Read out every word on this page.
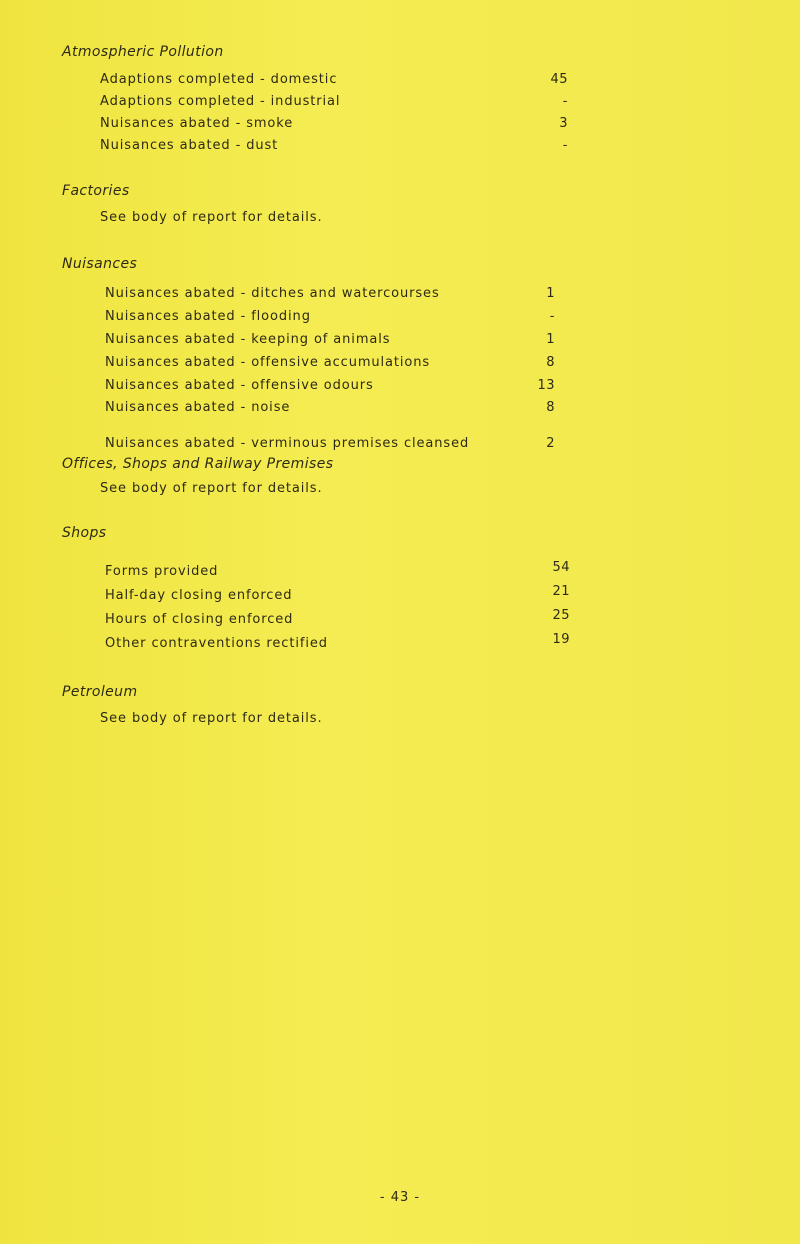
Atmospheric Pollution
Adaptions completed - domestic	45
Adaptions completed - industrial	-
Nuisances abated - smoke	3
Nuisances abated - dust	-
Factories
See body of report for details.
Nuisances
Nuisances abated - ditches and watercourses	1
Nuisances abated - flooding	-
Nuisances abated - keeping of animals	1
Nuisances abated - offensive accumulations	8
Nuisances abated - offensive odours	13
Nuisances abated - noise	8
Nuisances abated - verminous premises cleansed	2
Offices, Shops and Railway Premises
See body of report for details.
Shops
Forms provided	54
Half-day closing enforced	21
Hours of closing enforced	25
Other contraventions rectified	19
Petroleum
See body of report for details.
- 43 -
